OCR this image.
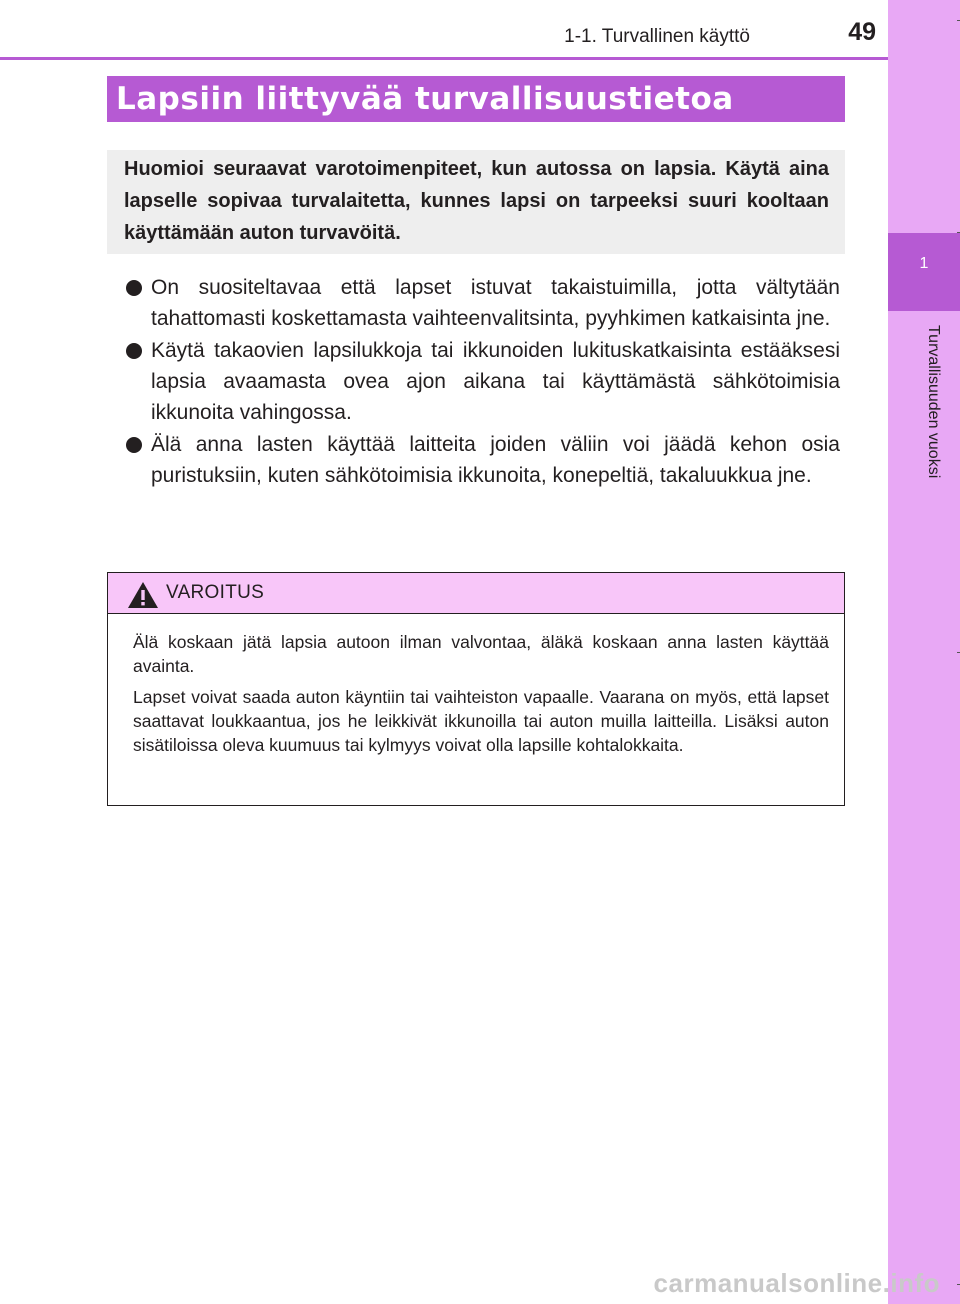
1-1. Turvallinen käyttö	49
1
Turvallisuuden vuoksi
Lapsiin liittyvää turvallisuustietoa
Huomioi seuraavat varotoimenpiteet, kun autossa on lapsia. Käytä aina lapselle sopivaa turvalaitetta, kunnes lapsi on tarpeeksi suuri kooltaan käyttämään auton turvavöitä.
On suositeltavaa että lapset istuvat takaistuimilla, jotta vältytään tahattomasti koskettamasta vaihteenvalitsinta, pyyhkimen katkaisinta jne.
Käytä takaovien lapsilukkoja tai ikkunoiden lukituskatkaisinta estääksesi lapsia avaamasta ovea ajon aikana tai käyttämästä sähkötoimisia ikkunoita vahingossa.
Älä anna lasten käyttää laitteita joiden väliin voi jäädä kehon osia puristuksiin, kuten sähkötoimisia ikkunoita, konepeltiä, takaluukkua jne.
VAROITUS

Älä koskaan jätä lapsia autoon ilman valvontaa, äläkä koskaan anna lasten käyttää avainta.

Lapset voivat saada auton käyntiin tai vaihteiston vapaalle. Vaarana on myös, että lapset saattavat loukkaantua, jos he leikkivät ikkunoilla tai auton muilla laitteilla. Lisäksi auton sisätiloissa oleva kuumuus tai kylmyys voivat olla lapsille kohtalokkaita.

carmanualsonline.info
